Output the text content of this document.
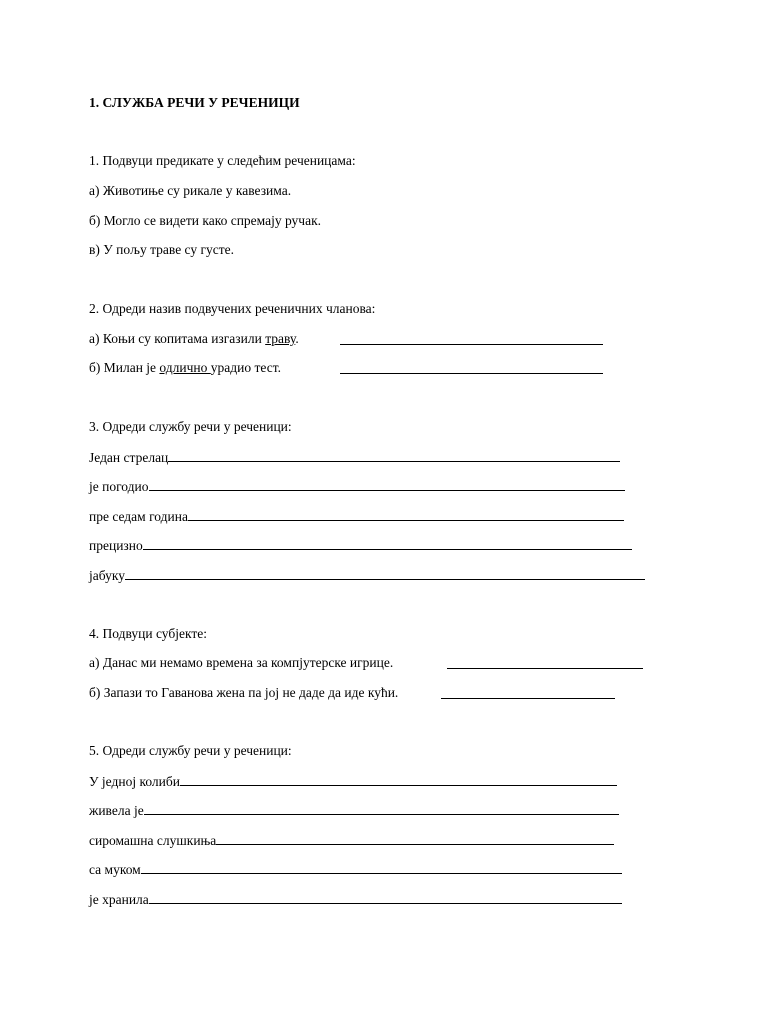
1. СЛУЖБА РЕЧИ У РЕЧЕНИЦИ
1. Подвуци предикате у следећим реченицама:
а) Животиње су рикале у кавезима.
б) Могло се видети како спремају ручак.
в) У пољу траве су густе.
2. Одреди назив подвучених реченичних чланова:
а) Коњи су копитама изгазили траву.
б) Милан је одлично урадио тест.
3. Одреди службу речи у реченици:
Један стрелац
је погодио
пре седам година
прецизно
јабуку
4. Подвуци субјекте:
а) Данас ми немамо времена за компјутерске игрице.
б) Запази то Гаванова жена па јој не даде да иде кући.
5. Одреди службу речи у реченици:
У једној колиби
живела је
сиромашна слушкиња
са муком
је хранила
